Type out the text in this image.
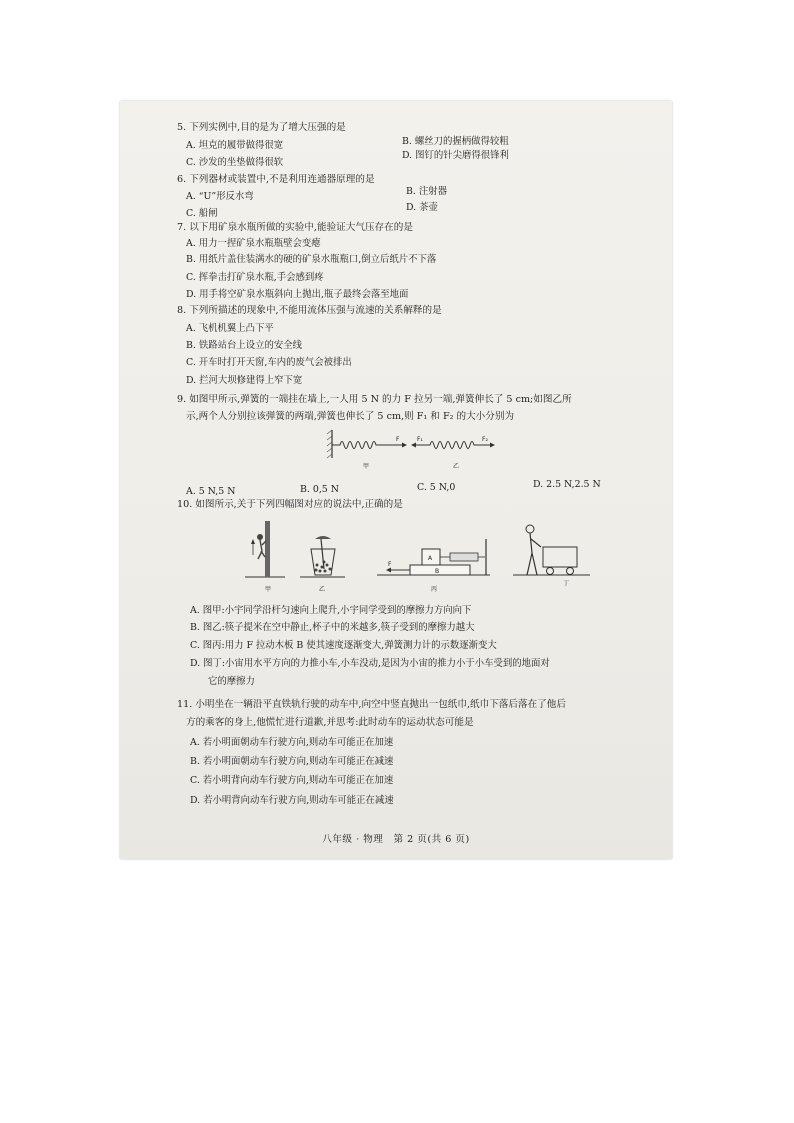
5. 下列实例中,目的是为了增大压强的是
B. 螺丝刀的握柄做得较粗
A. 坦克的履带做得很宽
D. 图钉的针尖磨得很锋利
C. 沙发的坐垫做得很软
6. 下列器材或装置中,不是利用连通器原理的是
B. 注射器
A. “U”形反水弯
D. 茶壶
C. 船闸
7. 以下用矿泉水瓶所做的实验中,能验证大气压存在的是
A. 用力一捏矿泉水瓶瓶壁会变瘪
B. 用纸片盖住装满水的硬的矿泉水瓶瓶口,倒立后纸片不下落
C. 挥拳击打矿泉水瓶,手会感到疼
D. 用手将空矿泉水瓶斜向上抛出,瓶子最终会落至地面
8. 下列所描述的现象中,不能用流体压强与流速的关系解释的是
A. 飞机机翼上凸下平
B. 铁路站台上设立的安全线
C. 开车时打开天窗,车内的废气会被排出
D. 拦河大坝修建得上窄下宽
9. 如图甲所示,弹簧的一端挂在墙上,一人用 5 N 的力 F 拉另一端,弹簧伸长了 5 cm;如图乙所
示,两个人分别拉该弹簧的两端,弹簧也伸长了 5 cm,则 F₁ 和 F₂ 的大小分别为
F
甲
F₁	F₂
乙
A. 5 N,5 N	B. 0,5 N	C. 5 N,0	D. 2.5 N,2.5 N
10. 如图所示,关于下列四幅图对应的说法中,正确的是
甲	乙
B
A
F
丙
丁
A. 图甲:小宇同学沿杆匀速向上爬升,小宇同学受到的摩擦力方向向下
B. 图乙:筷子提米在空中静止,杯子中的米越多,筷子受到的摩擦力越大
C. 图丙:用力 F 拉动木板 B 使其速度逐渐变大,弹簧测力计的示数逐渐变大
D. 图丁:小宙用水平方向的力推小车,小车没动,是因为小宙的推力小于小车受到的地面对
它的摩擦力
11. 小明坐在一辆沿平直铁轨行驶的动车中,向空中竖直抛出一包纸巾,纸巾下落后落在了他后
方的乘客的身上,他慌忙进行道歉,并思考:此时动车的运动状态可能是
A. 若小明面朝动车行驶方向,则动车可能正在加速
B. 若小明面朝动车行驶方向,则动车可能正在减速
C. 若小明背向动车行驶方向,则动车可能正在加速
D. 若小明背向动车行驶方向,则动车可能正在减速
八年级 · 物理　第 2 页(共 6 页)
